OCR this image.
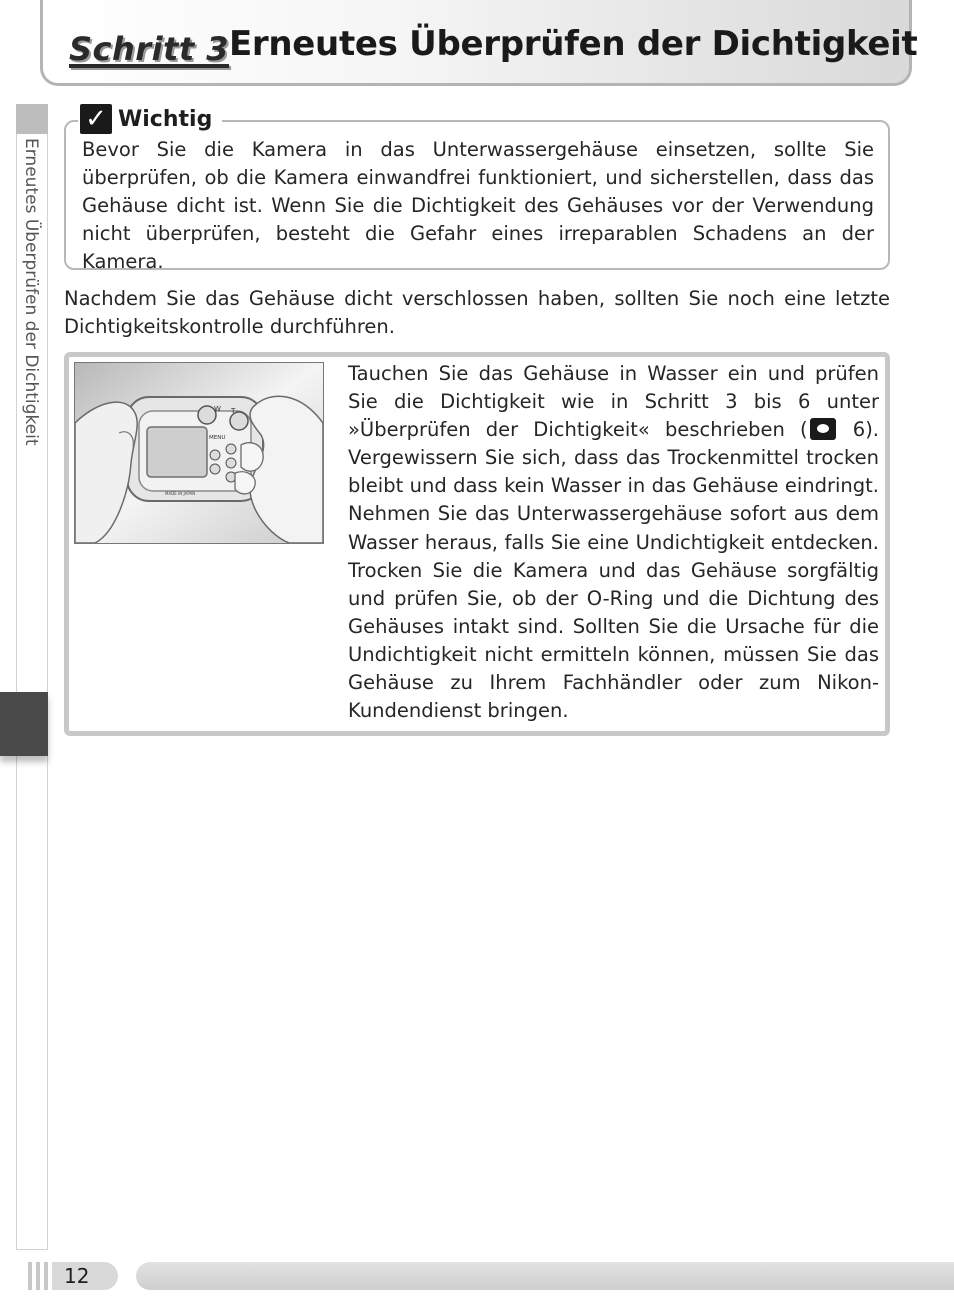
Schritt 3 Erneutes Überprüfen der Dichtigkeit
Erneutes Überprüfen der Dichtigkeit
✓ Wichtig
Bevor Sie die Kamera in das Unterwassergehäuse einsetzen, sollte Sie überprüfen, ob die Kamera einwandfrei funktioniert, und sicherstellen, dass das Gehäuse dicht ist. Wenn Sie die Dichtigkeit des Gehäuses vor der Verwendung nicht überprüfen, besteht die Gefahr eines irreparablen Schadens an der Kamera.
Nachdem Sie das Gehäuse dicht verschlossen haben, sollten Sie noch eine letzte Dichtigkeitskontrolle durchführen.
W T
MENU
MADE IN JAPAN
Tauchen Sie das Gehäuse in Wasser ein und prüfen Sie die Dichtigkeit wie in Schritt 3 bis 6 unter »Überprüfen der Dichtigkeit« beschrieben ( 6). Vergewissern Sie sich, dass das Trockenmittel trocken bleibt und dass kein Wasser in das Gehäuse eindringt. Nehmen Sie das Unterwassergehäuse sofort aus dem Wasser heraus, falls Sie eine Undichtigkeit entdecken. Trocken Sie die Kamera und das Gehäuse sorgfältig und prüfen Sie, ob der O-Ring und die Dichtung des Gehäuses intakt sind. Sollten Sie die Ursache für die Undichtigkeit nicht ermitteln können, müssen Sie das Gehäuse zu Ihrem Fachhändler oder zum Nikon-Kundendienst bringen.
12
